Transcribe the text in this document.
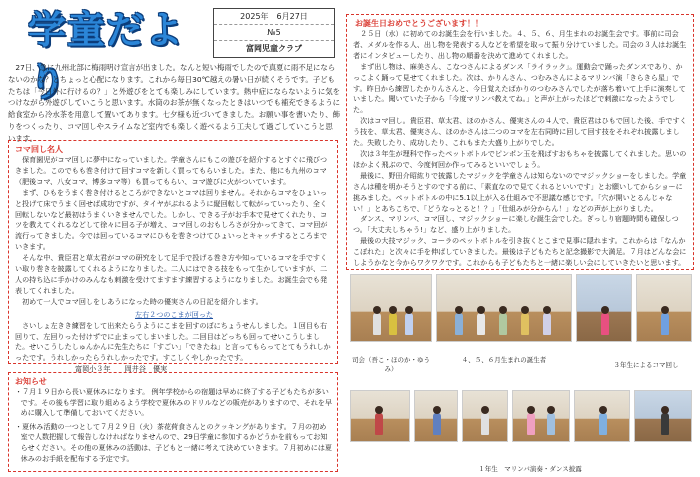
学童だより
2025年　6月27日
№5
富岡児童クラブ

27日、急に九州北部に梅雨明け宣言が出ました。なんと短い梅雨でしたので真夏に雨不足にならないのかな？とちょっと心配になります。これから毎日30℃越えの暑い日が続くそうです。子どもたちは「今日外に行けるの？」と外遊びをとても楽しみにしています。熱中症にならないように気をつけながら外遊びしていこうと思います。水筒のお茶が無くなったときはいつでも補充できるように給食室から冷水茶を用意して置いてあります。七夕様も近づいてきました。お願い事を書いたり、飾りをつくったり、コマ回しやスライムなど室内でも楽しく遊べるよう工夫して過ごしていこうと思います。

コマ回し名人

保育園児がコマ回しに夢中になっていました。学童さんにもこの遊びを紹介するとすぐに飛びつきました。このでもも巻き付けて回すコマを新しく買ってもらいました。また、他にも九州のコマ（肥後コマ、八女コマ、博多コマ等）も買ってもらい、コマ遊びに火がついています。

まず、ひもをうまく巻き付けるところができないとコマは回りません。それからコマをひょいっと投げて床でうまく回せば成功ですが、タイヤがぶれるように縦回転して転がっていったり、全く回転しないなど最初はうまくいきませんでした。しかし、できる子がお手本で見せてくれたり、コツを教えてくれるなどして徐々に回る子が増え、コマ回しのおもしろさが分かってきて、コマ回が流行ってきました。今では回っているコマにひもを巻きつけてひょいっとキャッチするところまでいきます。

そんな中、貴臣君と草太君がコマの研究をして足手で投げる巻き方や知っているコマを手ですくい取り巻きを披露してくれるようになりました。二人にはできる技をもって生かしていますが、二人の持ち込に手かけのみんなも刺激を受けてますます練習するようになりました。お誕生会でも発表してくれました。

初めて一人でコマ回しをしあうになった時の優実さんの日記を紹介します。

左右２つのこまが回った

さいしょ左きき練習をして出来たらうようにこまを回すのぼにちょうせんしました。１回目も右回りて、左回りった付けずでに止まってしまいました。二回目はどっちも回ってせいこうしました。せいこうしたしゅんかんに先生たちに「すごい」「できたね」と言ってもらってとてもうれしかったです。うれしかったらうれしかったです。すこしくやしかったです。

富岡小３年　　岡井谷　優実

お知らせ

・７月１９日から長い夏休みになります。 例年学校からの宿題は早めに終了する子どもたちが多いです。その後も学習に取り組めるよう学校で夏休みのドリルなどの販売がありますので、それを早めに購入して準備しておいてください。

・夏休み活動の一つとして７月２９日（火）茶花荷食さんとのクッキングがあります。７月の初め室で人数把握して報告しなければなりませんので、29日学童に参加するかどうかを前もってお知らせください。その他の夏休みの活動は、子どもと一緒に考えて決めていきます。７月初めには夏休みのお手紙を配布する予定です。

お誕生日おめでとうございます！！

２５日（水）に初めてのお誕生会を行いました。４、５、６、月生まれのお誕生会です。事前に司会者、メダルを作る人、出し物を発表する人などを希望を取って振り分けていました。司会の３人はお誕生者にインタビューしたり、出し物の順番を決めて進めてくれました。

まず出し物は、麻美さん、こなつさんによるダンス「ライラック」。運動会で踊ったダンスであり、かっこよく踊って見せてくれました。次は、かりんさん、つむみさんによるマリンバ演「きらきら星」です。昨日から練習したかりんさんと、今日覚えたばかりのつむみさんでしたが落ち着いて上手に演奏していました。聞いていた子から「今度マリンバ教えてね。」と声が上がったほどで刺激になったようでした。

次はコマ回し。貴臣君、草太君、ほのかさん、優実さんの４人で、貴臣君はひもで回した後、手ですくう技を、草太君、優実さん、ほのかさんは二つのコマを左右同時に回して回す技をそれぞれ披露しました。失敗したり、成功したり、これもまた大盛り上がりでした。

次は３年生が理科で作ったペットボトルでピンポン玉を飛ばすおもちゃを披露してくれました。思いのほかよく飛ぶので、今度何回か作ってみるといいでしょう。

最後に、野田介昭紘りで披露したマジックを学童さんは知らないのでマジックショーをしました。学童さんは種を明かそうとすのでする前に、「素直なので見てくれるといいです」とお願いしてからショーに挑みました。ペットボトルの中に5.1以上が入る仕組みで不思議な感じです。「穴が開いとるんじゃない！」とあちこちで、「どうなっとると！？」「仕組みが分からん！」などの声が上がりました。

ダンス、マリンバ、コマ回し、マジックショーに楽しむ誕生会でした。ぎっしり宿題時間も確保しつつ。「大丈夫しちゃう!」など、盛り上がりました。

最後の大技マジック、コーラのペットボトルを引き抜くとこまで見事に隠れます。これからは「なんかこぼれた」と次々に手を伸ばしていきました。最後は子どもたちと記念撮影で大満足。７月はどんな会にしようかなと今からワクワクです。これからも子どもたちと一緒に楽しい会にしていきたいと思います。

司会（吾こ・ほのか・ゆうみ）
４、５、６月生まれの誕生者
３年生によるコマ回し
１年生　マリンバ演奏・ダンス披露
